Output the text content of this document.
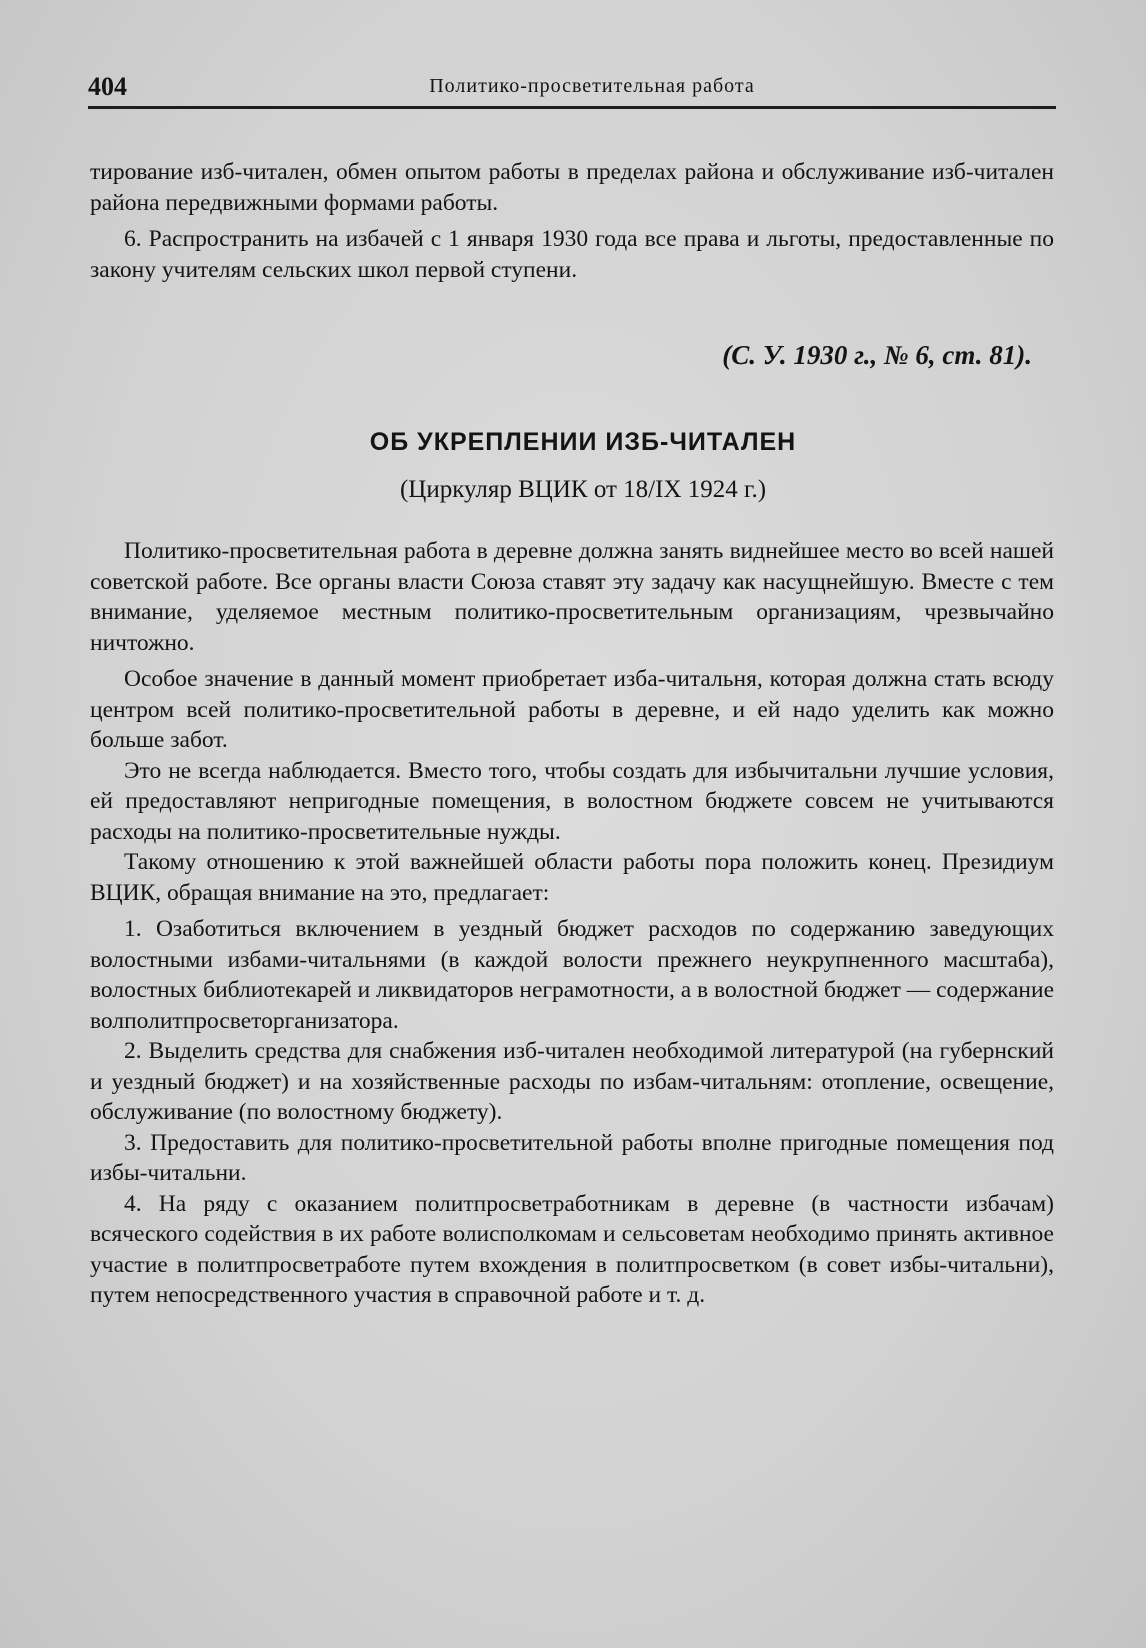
404	Политико-просветительная работа

тирование изб-читален, обмен опытом работы в пределах района и обслуживание изб-читален района передвижными формами работы.

6. Распространить на избачей с 1 января 1930 года все права и льготы, предоставленные по закону учителям сельских школ первой ступени.

(С. У. 1930 г., № 6, ст. 81).
ОБ УКРЕПЛЕНИИ ИЗБ-ЧИТАЛЕН
(Циркуляр ВЦИК от 18/IX 1924 г.)

Политико-просветительная работа в деревне должна занять виднейшее место во всей нашей советской работе. Все органы власти Союза ставят эту задачу как насущнейшую. Вместе с тем внимание, уделяемое местным политико-просветительным организациям, чрезвычайно ничтожно.

Особое значение в данный момент приобретает изба-читальня, которая должна стать всюду центром всей политико-просветительной работы в деревне, и ей надо уделить как можно больше забот.

Это не всегда наблюдается. Вместо того, чтобы создать для избычитальни лучшие условия, ей предоставляют непригодные помещения, в волостном бюджете совсем не учитываются расходы на политико-просветительные нужды.

Такому отношению к этой важнейшей области работы пора положить конец. Президиум ВЦИК, обращая внимание на это, предлагает:

1. Озаботиться включением в уездный бюджет расходов по содержанию заведующих волостными избами-читальнями (в каждой волости прежнего неукрупненного масштаба), волостных библиотекарей и ликвидаторов неграмотности, а в волостной бюджет — содержание волполитпросветорганизатора.

2. Выделить средства для снабжения изб-читален необходимой литературой (на губернский и уездный бюджет) и на хозяйственные расходы по избам-читальням: отопление, освещение, обслуживание (по волостному бюджету).

3. Предоставить для политико-просветительной работы вполне пригодные помещения под избы-читальни.

4. На ряду с оказанием политпросветработникам в деревне (в частности избачам) всяческого содействия в их работе волисполкомам и сельсоветам необходимо принять активное участие в политпросветработе путем вхождения в политпросветком (в совет избы-читальни), путем непосредственного участия в справочной работе и т. д.
